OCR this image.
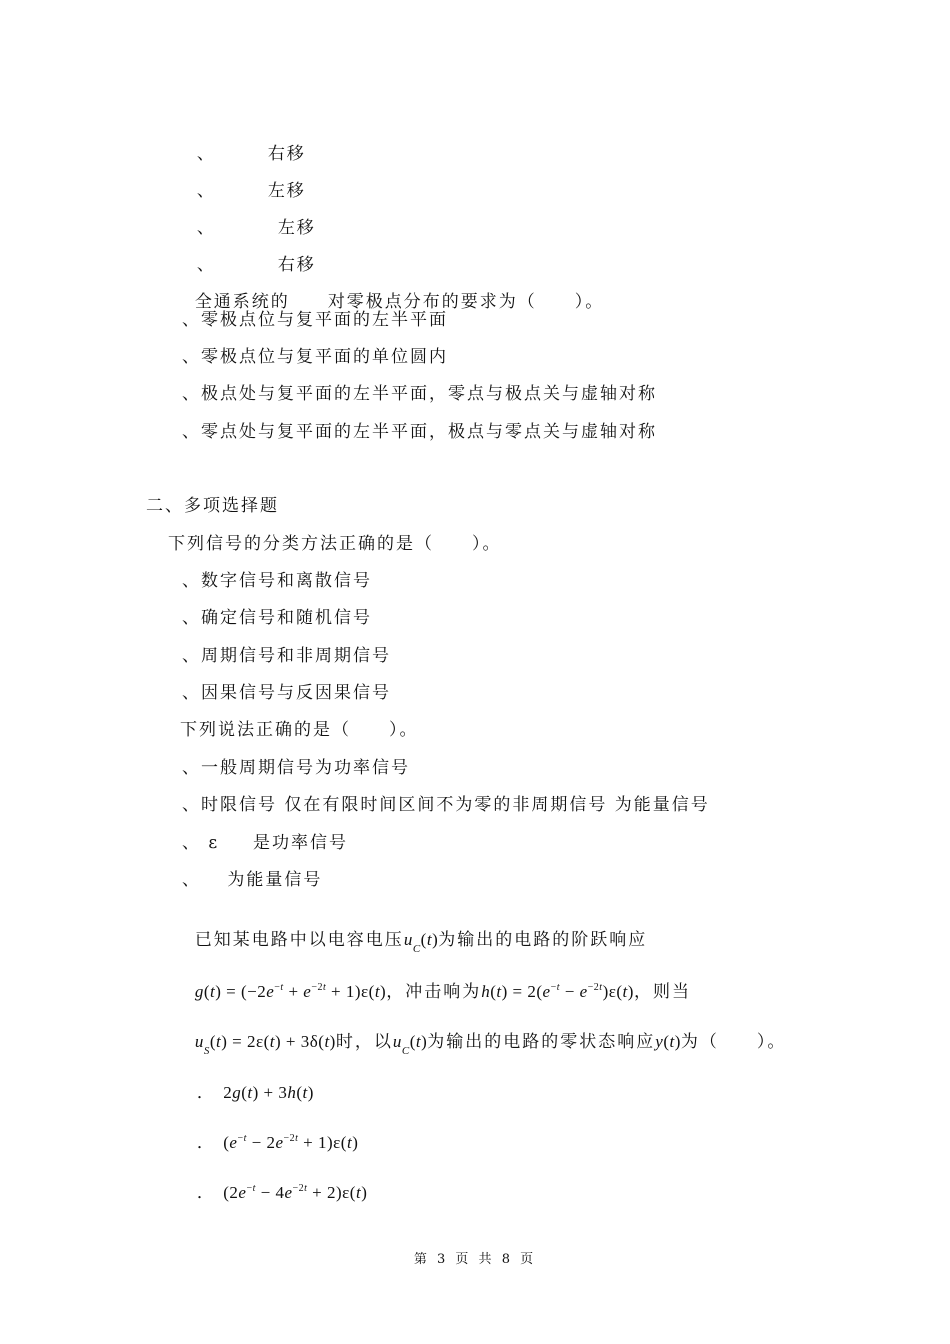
、	右移

、	左移

、	左移

、	右移

全通系统的 对零极点分布的要求为（　　）。

、零极点位与复平面的左半平面
、零极点位与复平面的单位圆内
、极点处与复平面的左半平面，零点与极点关与虚轴对称
、零点处与复平面的左半平面，极点与零点关与虚轴对称
二、多项选择题
下列信号的分类方法正确的是（　　）。
、数字信号和离散信号
、确定信号和随机信号
、周期信号和非周期信号
、因果信号与反因果信号
下列说法正确的是（　　）。
、一般周期信号为功率信号
、时限信号 仅在有限时间区间不为零的非周期信号 为能量信号
、 ε 　 是功率信号
、 　为能量信号

已知某电路中以电容电压$u_C(t)$为输出的电路的阶跃响应

$g(t) = (-2e^{-t} + e^{-2t} + 1)\varepsilon(t)$，冲击响为$h(t) = 2(e^{-t} - e^{-2t})\varepsilon(t)$，则当

$u_S(t) = 2\varepsilon(t) + 3\delta(t)$时，以$u_C(t)$为输出的电路的零状态响应y(t)为（　　）。

． 2g(t) + 3h(t)

． $(e^{-t} - 2e^{-2t} + 1)\varepsilon(t)$

． $(2e^{-t} - 4e^{-2t} + 2)\varepsilon(t)$

第 3 页 共 8 页
